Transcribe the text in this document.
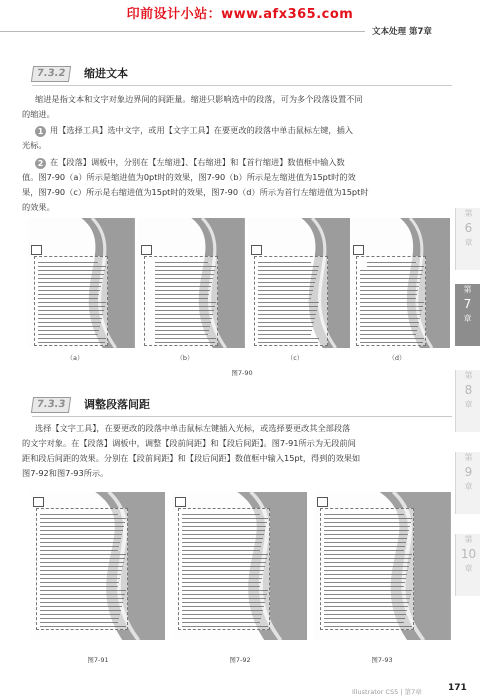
印前设计小站：www.afx365.com
文本处理 第7章
7.3.2	缩进文本

缩进是指文本和文字对象边界间的间距量。缩进只影响选中的段落，可为多个段落设置不同

的缩进。

1 用【选择工具】选中文字，或用【文字工具】在要更改的段落中单击鼠标左键，插入

光标。

2 在【段落】调板中，分别在【左缩进】、【右缩进】和【首行缩进】数值框中输入数

值。图7-90（a）所示是缩进值为0pt时的效果，图7-90（b）所示是左缩进值为15pt时的效

果，图7-90（c）所示是右缩进值为15pt时的效果，图7-90（d）所示为首行左缩进值为15pt时

的效果。

（a）	（b）	（c）	（d）
图7-90
7.3.3	调整段落间距

选择【文字工具】，在要更改的段落中单击鼠标左键插入光标，或选择要更改其全部段落

的文字对象。在【段落】调板中，调整【段前间距】和【段后间距】。图7-91所示为无段前间

距和段后间距的效果。分别在【段前间距】和【段后间距】数值框中输入15pt，得到的效果如

图7-92和图7-93所示。

图7-91	图7-92	图7-93
第
6
章
第
7
章
第
8
章
第
9
章
第
10
章
Illustrator CS5 | 第7章	171
